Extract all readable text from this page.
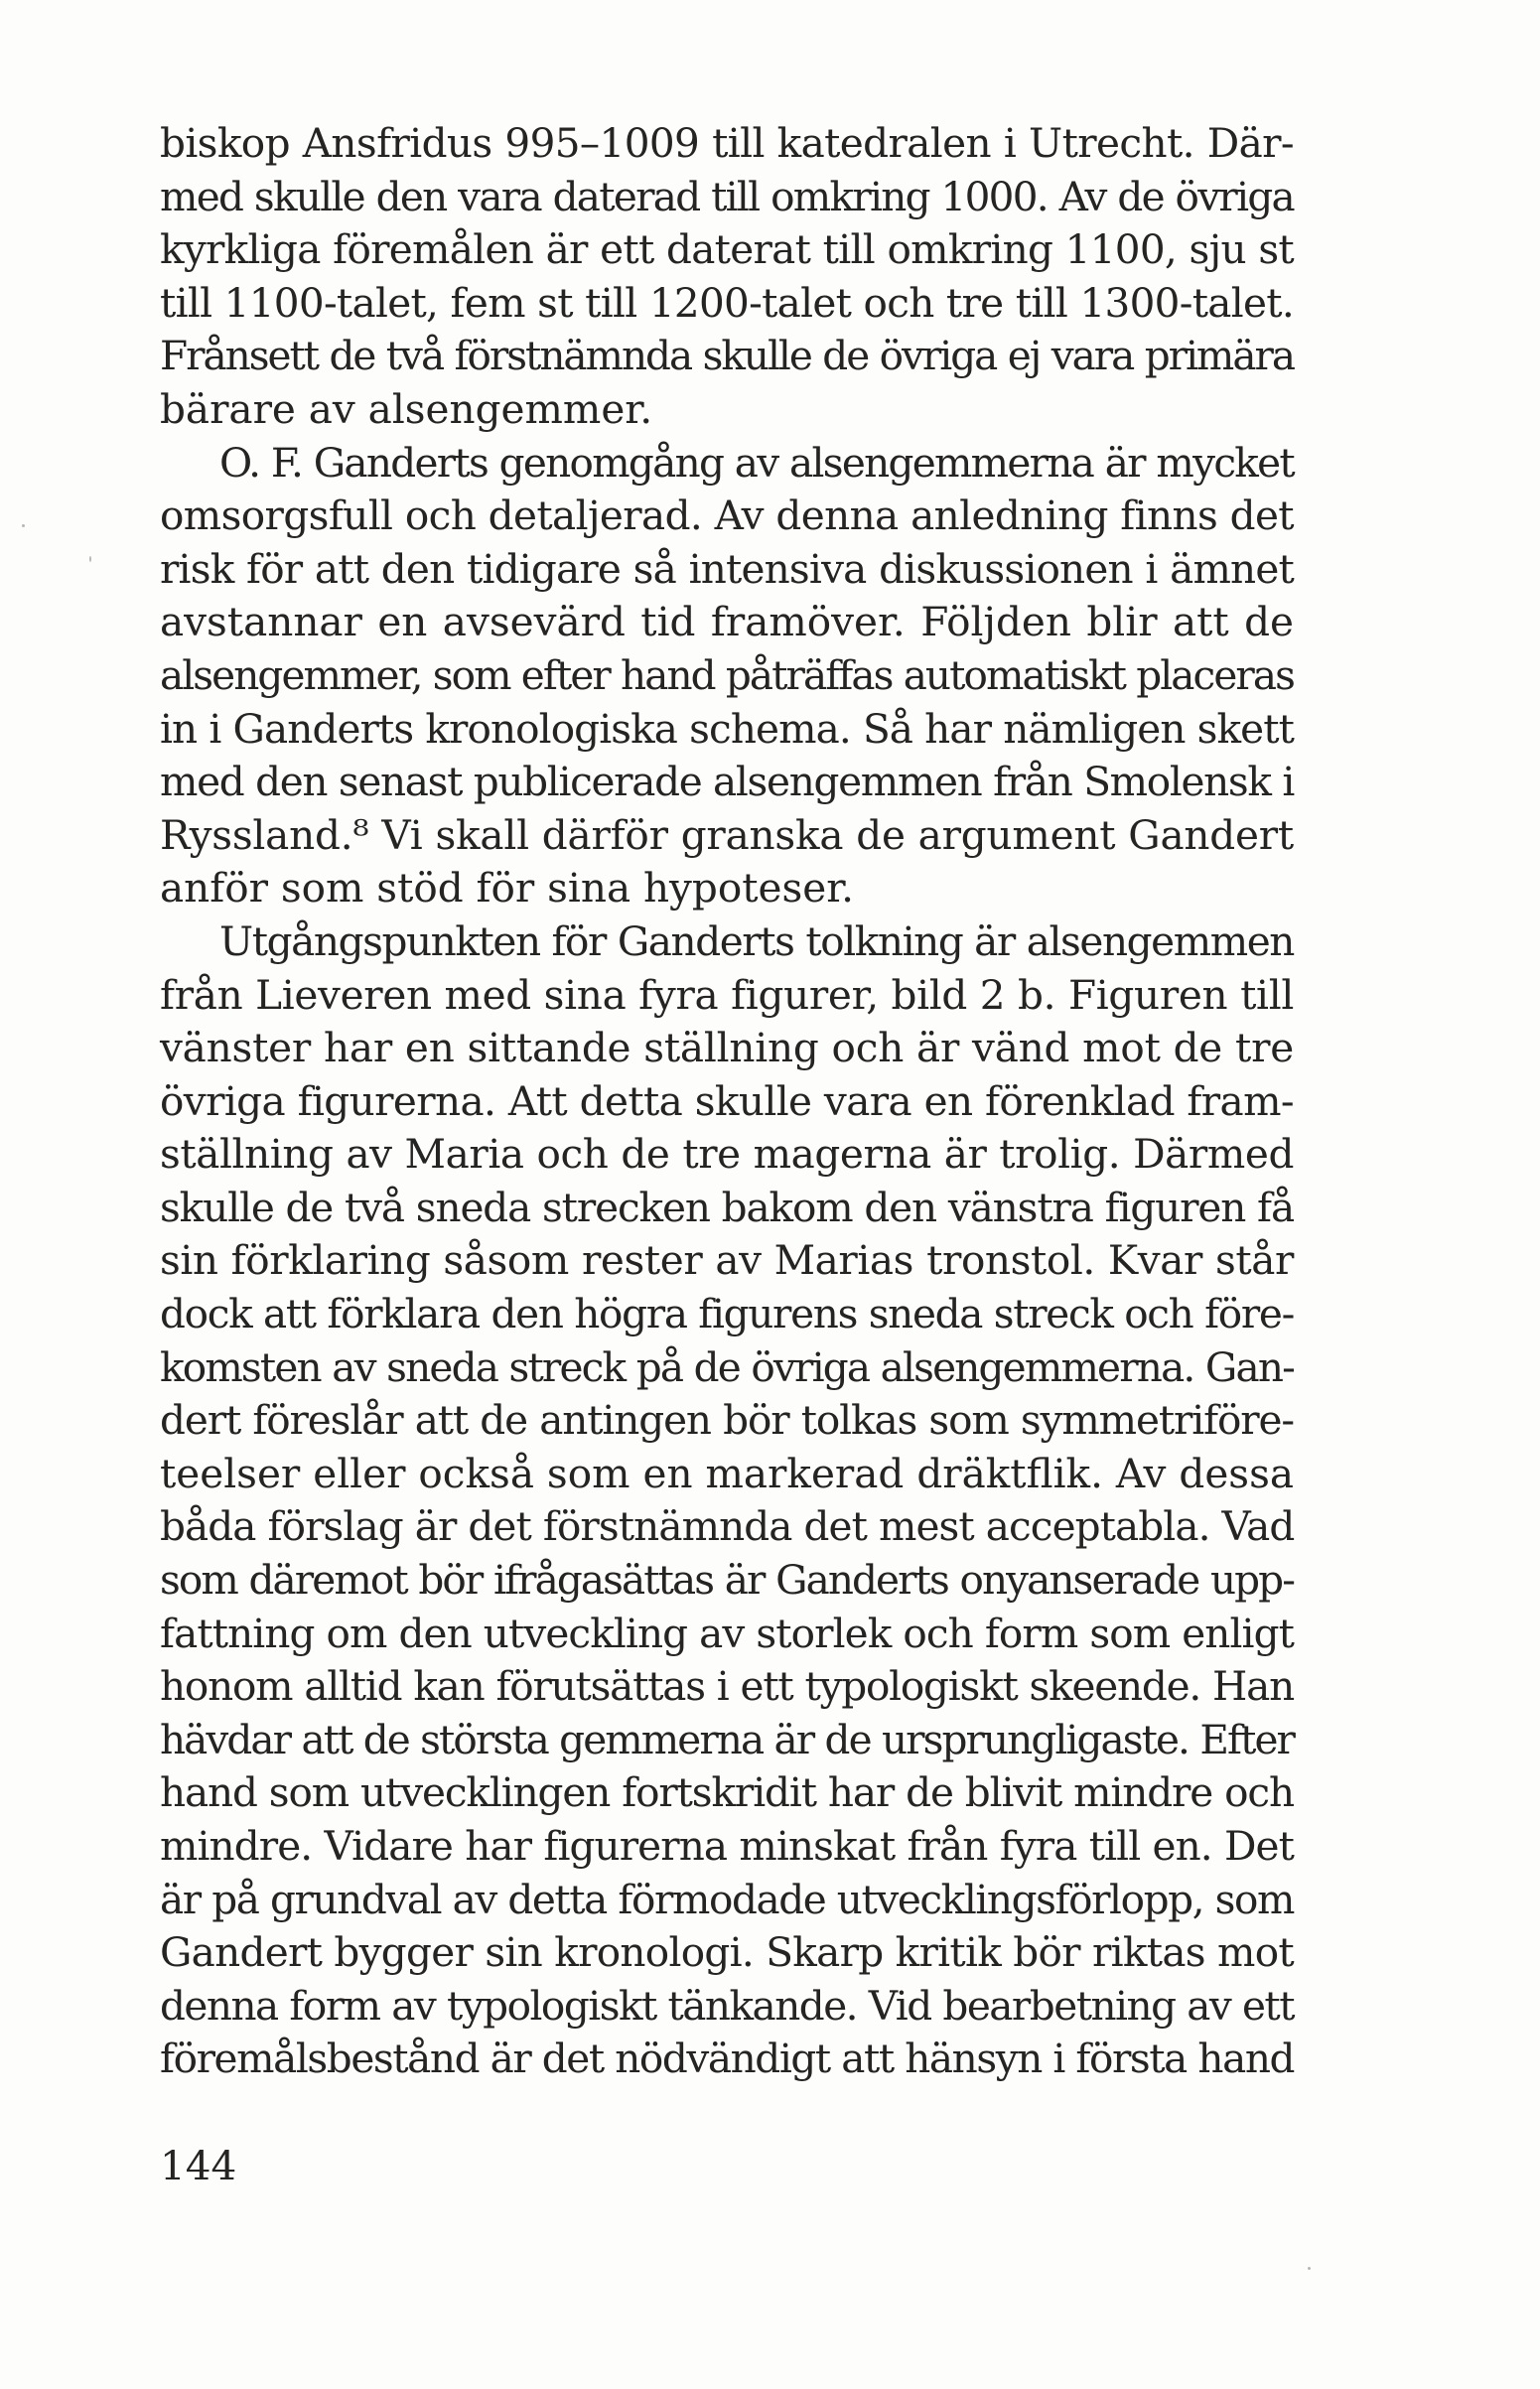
biskop Ansfridus 995–1009 till katedralen i Utrecht. Där-
med skulle den vara daterad till omkring 1000. Av de övriga
kyrkliga föremålen är ett daterat till omkring 1100, sju st
till 1100-talet, fem st till 1200-talet och tre till 1300-talet.
Frånsett de två förstnämnda skulle de övriga ej vara primära
bärare av alsengemmer.
O. F. Ganderts genomgång av alsengemmerna är mycket
omsorgsfull och detaljerad. Av denna anledning finns det
risk för att den tidigare så intensiva diskussionen i ämnet
avstannar en avsevärd tid framöver. Följden blir att de
alsengemmer, som efter hand påträffas automatiskt placeras
in i Ganderts kronologiska schema. Så har nämligen skett
med den senast publicerade alsengemmen från Smolensk i
Ryssland.⁸ Vi skall därför granska de argument Gandert
anför som stöd för sina hypoteser.
Utgångspunkten för Ganderts tolkning är alsengemmen
från Lieveren med sina fyra figurer, bild 2 b. Figuren till
vänster har en sittande ställning och är vänd mot de tre
övriga figurerna. Att detta skulle vara en förenklad fram-
ställning av Maria och de tre magerna är trolig. Därmed
skulle de två sneda strecken bakom den vänstra figuren få
sin förklaring såsom rester av Marias tronstol. Kvar står
dock att förklara den högra figurens sneda streck och före-
komsten av sneda streck på de övriga alsengemmerna. Gan-
dert föreslår att de antingen bör tolkas som symmetriföre-
teelser eller också som en markerad dräktflik. Av dessa
båda förslag är det förstnämnda det mest acceptabla. Vad
som däremot bör ifrågasättas är Ganderts onyanserade upp-
fattning om den utveckling av storlek och form som enligt
honom alltid kan förutsättas i ett typologiskt skeende. Han
hävdar att de största gemmerna är de ursprungligaste. Efter
hand som utvecklingen fortskridit har de blivit mindre och
mindre. Vidare har figurerna minskat från fyra till en. Det
är på grundval av detta förmodade utvecklingsförlopp, som
Gandert bygger sin kronologi. Skarp kritik bör riktas mot
denna form av typologiskt tänkande. Vid bearbetning av ett
föremålsbestånd är det nödvändigt att hänsyn i första hand
144
